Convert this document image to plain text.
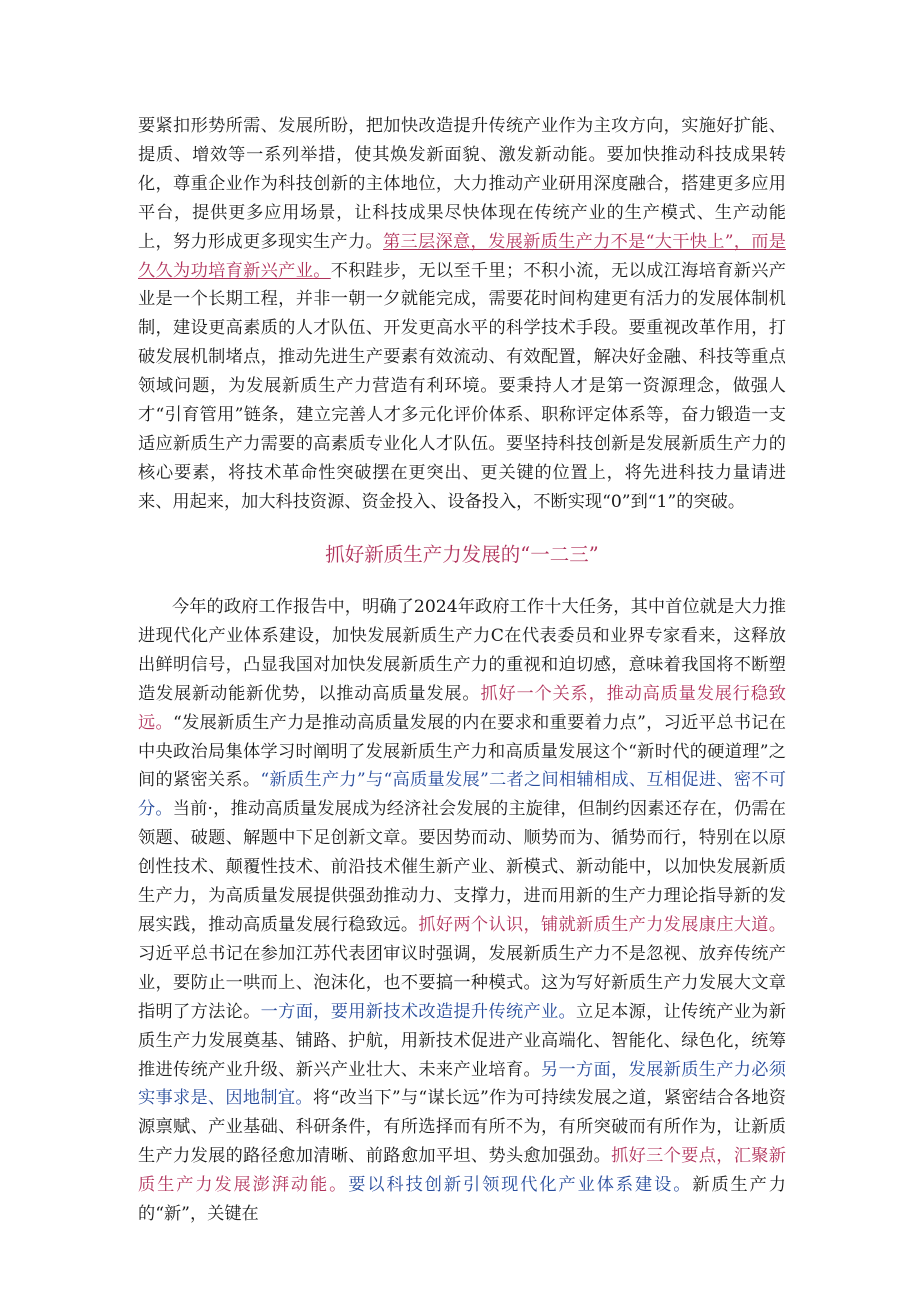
要紧扣形势所需、发展所盼，把加快改造提升传统产业作为主攻方向，实施好扩能、提质、增效等一系列举措，使其焕发新面貌、激发新动能。要加快推动科技成果转化，尊重企业作为科技创新的主体地位，大力推动产业研用深度融合，搭建更多应用平台，提供更多应用场景，让科技成果尽快体现在传统产业的生产模式、生产动能上，努力形成更多现实生产力。第三层深意，发展新质生产力不是“大干快上”，而是久久为功培育新兴产业。不积跬步，无以至千里；不积小流，无以成江海培育新兴产业是一个长期工程，并非一朝一夕就能完成，需要花时间构建更有活力的发展体制机制，建设更高素质的人才队伍、开发更高水平的科学技术手段。要重视改革作用，打破发展机制堵点，推动先进生产要素有效流动、有效配置，解决好金融、科技等重点领域问题，为发展新质生产力营造有利环境。要秉持人才是第一资源理念，做强人才“引育管用”链条，建立完善人才多元化评价体系、职称评定体系等，奋力锻造一支适应新质生产力需要的高素质专业化人才队伍。要坚持科技创新是发展新质生产力的核心要素，将技术革命性突破摆在更突出、更关键的位置上，将先进科技力量请进来、用起来，加大科技资源、资金投入、设备投入，不断实现“0”到“1”的突破。

抓好新质生产力发展的“一二三”

今年的政府工作报告中，明确了2024年政府工作十大任务，其中首位就是大力推进现代化产业体系建设，加快发展新质生产力C在代表委员和业界专家看来，这释放出鲜明信号，凸显我国对加快发展新质生产力的重视和迫切感，意味着我国将不断塑造发展新动能新优势，以推动高质量发展。抓好一个关系，推动高质量发展行稳致远。“发展新质生产力是推动高质量发展的内在要求和重要着力点”，习近平总书记在中央政治局集体学习时阐明了发展新质生产力和高质量发展这个“新时代的硬道理”之间的紧密关系。“新质生产力”与“高质量发展”二者之间相辅相成、互相促进、密不可分。当前·，推动高质量发展成为经济社会发展的主旋律，但制约因素还存在，仍需在领题、破题、解题中下足创新文章。要因势而动、顺势而为、循势而行，特别在以原创性技术、颠覆性技术、前沿技术催生新产业、新模式、新动能中，以加快发展新质生产力，为高质量发展提供强劲推动力、支撑力，进而用新的生产力理论指导新的发展实践，推动高质量发展行稳致远。抓好两个认识，铺就新质生产力发展康庄大道。习近平总书记在参加江苏代表团审议时强调，发展新质生产力不是忽视、放弃传统产业，要防止一哄而上、泡沫化，也不要搞一种模式。这为写好新质生产力发展大文章指明了方法论。一方面，要用新技术改造提升传统产业。立足本源，让传统产业为新质生产力发展奠基、铺路、护航，用新技术促进产业高端化、智能化、绿色化，统筹推进传统产业升级、新兴产业壮大、未来产业培育。另一方面，发展新质生产力必须实事求是、因地制宜。将“改当下”与“谋长远”作为可持续发展之道，紧密结合各地资源禀赋、产业基础、科研条件，有所选择而有所不为，有所突破而有所作为，让新质生产力发展的路径愈加清晰、前路愈加平坦、势头愈加强劲。抓好三个要点，汇聚新质生产力发展澎湃动能。要以科技创新引领现代化产业体系建设。新质生产力的“新”，关键在
